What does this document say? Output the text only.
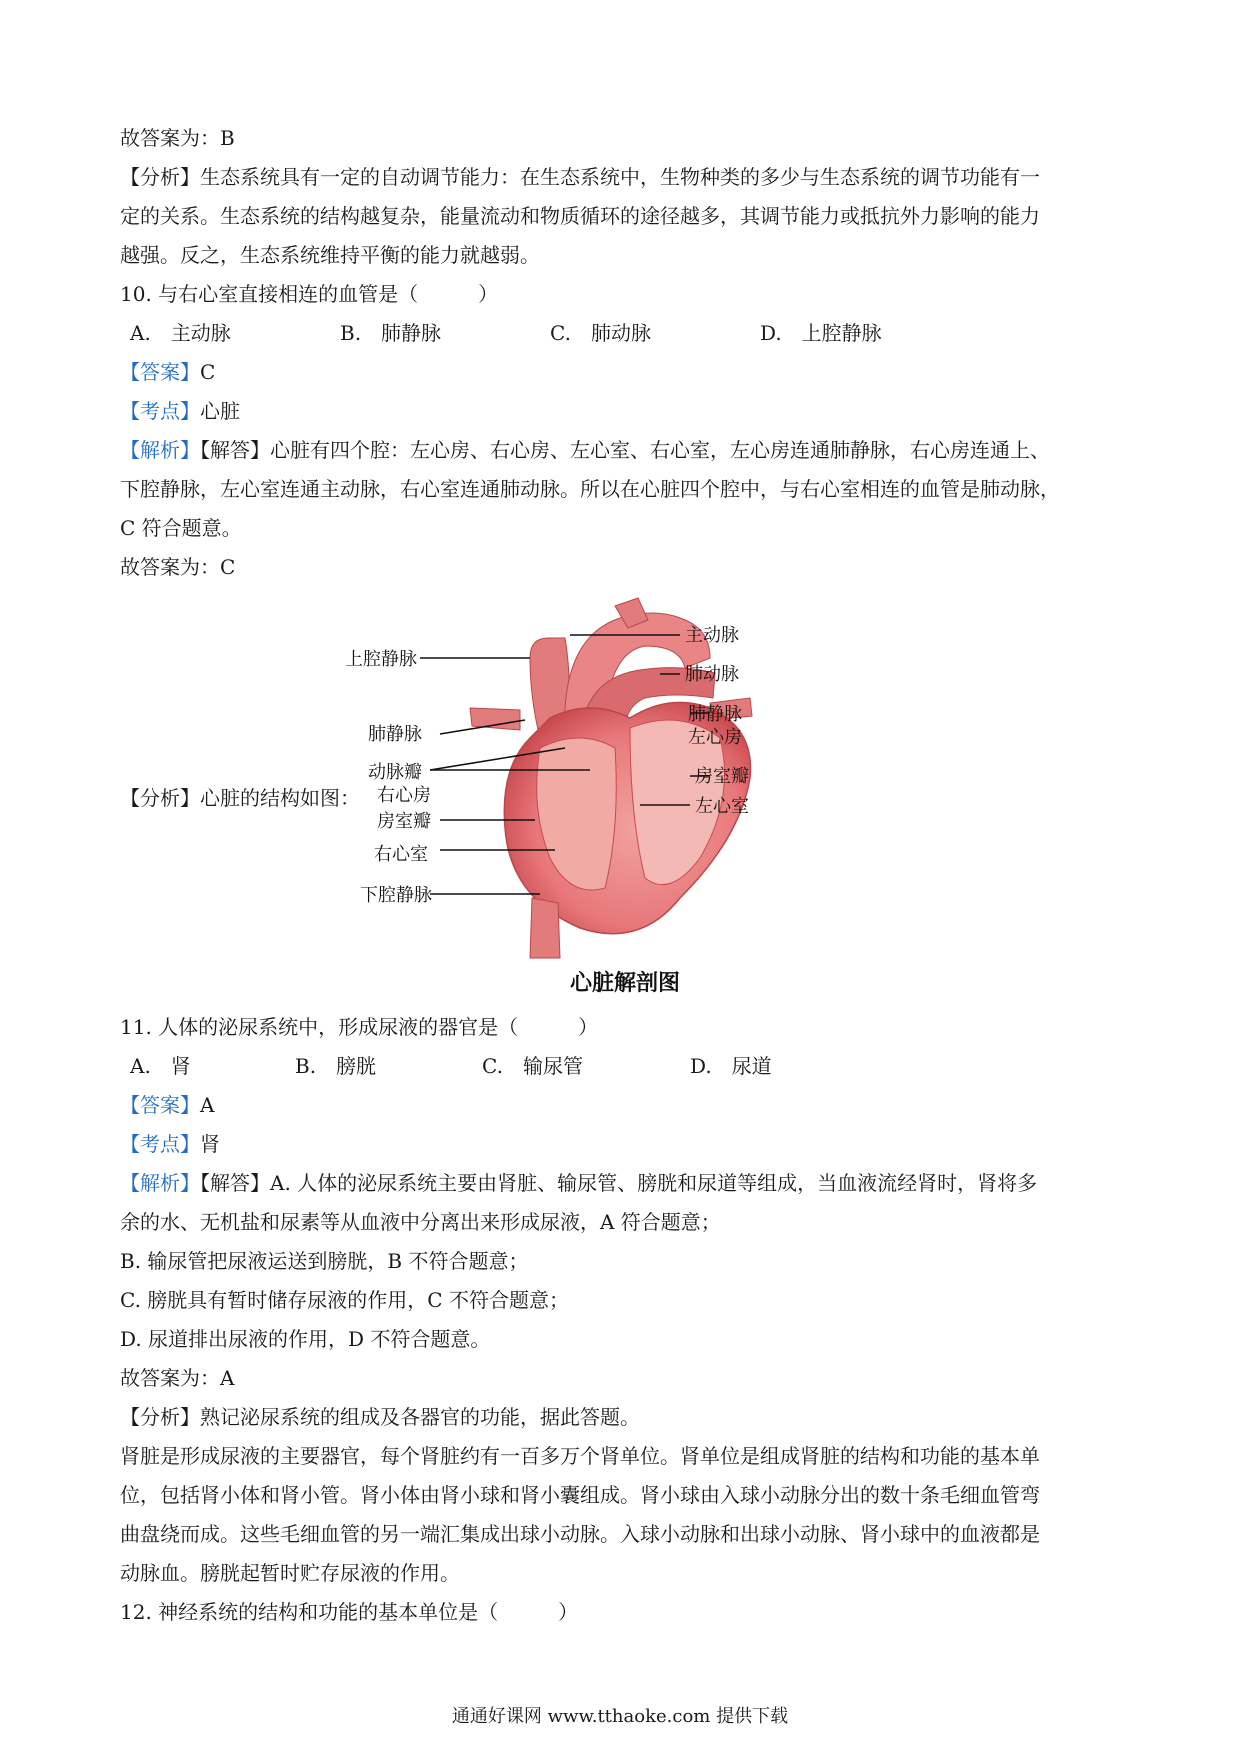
故答案为：B
【分析】生态系统具有一定的自动调节能力：在生态系统中，生物种类的多少与生态系统的调节功能有一
定的关系。生态系统的结构越复杂，能量流动和物质循环的途径越多，其调节能力或抵抗外力影响的能力
越强。反之，生态系统维持平衡的能力就越弱。
10. 与右心室直接相连的血管是（　　　）
A.　主动脉	B.　肺静脉	C.　肺动脉	D.　上腔静脉
【答案】C
【考点】心脏
【解析】【解答】心脏有四个腔：左心房、右心房、左心室、右心室，左心房连通肺静脉，右心房连通上、
下腔静脉，左心室连通主动脉，右心室连通肺动脉。所以在心脏四个腔中，与右心室相连的血管是肺动脉，
C 符合题意。
故答案为：C
【分析】心脏的结构如图：
上腔静脉
肺静脉
动脉瓣
右心房
房室瓣
右心室
下腔静脉
主动脉
肺动脉
肺静脉
左心房
房室瓣
左心室
心脏解剖图
11. 人体的泌尿系统中，形成尿液的器官是（　　　）
A.　肾	B.　膀胱	C.　输尿管	D.　尿道
【答案】A
【考点】肾
【解析】【解答】A. 人体的泌尿系统主要由肾脏、输尿管、膀胱和尿道等组成，当血液流经肾时，肾将多
余的水、无机盐和尿素等从血液中分离出来形成尿液，A 符合题意；
B. 输尿管把尿液运送到膀胱，B 不符合题意；
C. 膀胱具有暂时储存尿液的作用，C 不符合题意；
D. 尿道排出尿液的作用，D 不符合题意。
故答案为：A
【分析】熟记泌尿系统的组成及各器官的功能，据此答题。
肾脏是形成尿液的主要器官，每个肾脏约有一百多万个肾单位。肾单位是组成肾脏的结构和功能的基本单
位，包括肾小体和肾小管。肾小体由肾小球和肾小囊组成。肾小球由入球小动脉分出的数十条毛细血管弯
曲盘绕而成。这些毛细血管的另一端汇集成出球小动脉。入球小动脉和出球小动脉、肾小球中的血液都是
动脉血。膀胱起暂时贮存尿液的作用。
12. 神经系统的结构和功能的基本单位是（　　　）
通通好课网 www.tthaoke.com 提供下载
